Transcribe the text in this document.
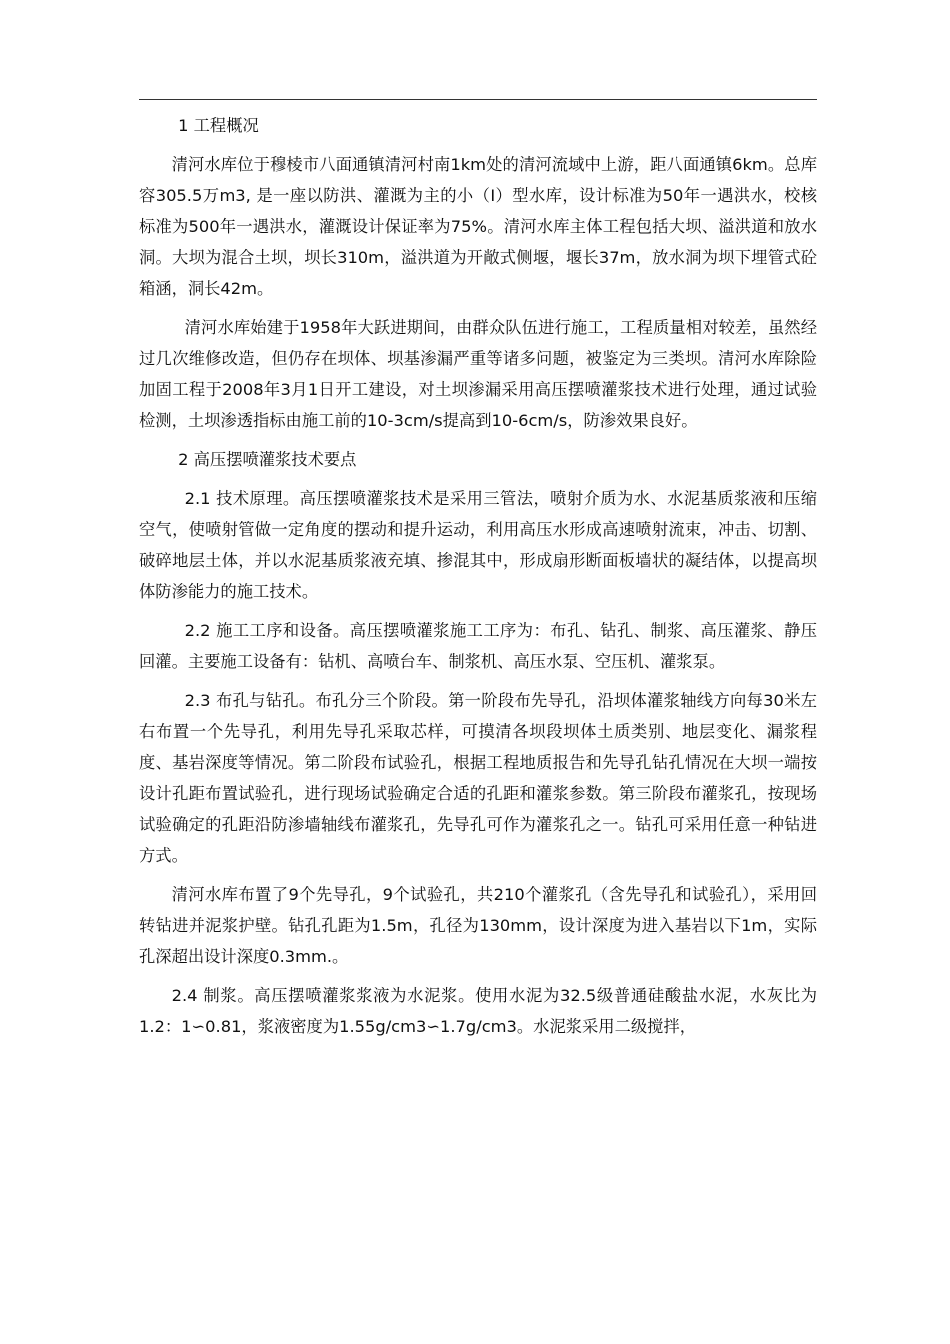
1 工程概况

清河水库位于穆棱市八面通镇清河村南1km处的清河流域中上游，距八面通镇6km。总库容305.5万m3, 是一座以防洪、灌溉为主的小（I）型水库，设计标准为50年一遇洪水，校核标准为500年一遇洪水，灌溉设计保证率为75%。清河水库主体工程包括大坝、溢洪道和放水洞。大坝为混合土坝，坝长310m，溢洪道为开敞式侧堰，堰长37m，放水洞为坝下埋管式砼箱涵，洞长42m。

清河水库始建于1958年大跃进期间，由群众队伍进行施工，工程质量相对较差，虽然经过几次维修改造，但仍存在坝体、坝基渗漏严重等诸多问题，被鉴定为三类坝。清河水库除险加固工程于2008年3月1日开工建设，对土坝渗漏采用高压摆喷灌浆技术进行处理，通过试验检测，土坝渗透指标由施工前的10-3cm/s提高到10-6cm/s，防渗效果良好。

2 高压摆喷灌浆技术要点

2.1 技术原理。高压摆喷灌浆技术是采用三管法，喷射介质为水、水泥基质浆液和压缩空气，使喷射管做一定角度的摆动和提升运动，利用高压水形成高速喷射流束，冲击、切割、破碎地层土体，并以水泥基质浆液充填、掺混其中，形成扇形断面板墙状的凝结体，以提高坝体防渗能力的施工技术。

2.2 施工工序和设备。高压摆喷灌浆施工工序为：布孔、钻孔、制浆、高压灌浆、静压回灌。主要施工设备有：钻机、高喷台车、制浆机、高压水泵、空压机、灌浆泵。

2.3 布孔与钻孔。布孔分三个阶段。第一阶段布先导孔，沿坝体灌浆轴线方向每30米左右布置一个先导孔，利用先导孔采取芯样，可摸清各坝段坝体土质类别、地层变化、漏浆程度、基岩深度等情况。第二阶段布试验孔，根据工程地质报告和先导孔钻孔情况在大坝一端按设计孔距布置试验孔，进行现场试验确定合适的孔距和灌浆参数。第三阶段布灌浆孔，按现场试验确定的孔距沿防渗墙轴线布灌浆孔，先导孔可作为灌浆孔之一。钻孔可采用任意一种钻进方式。

清河水库布置了9个先导孔，9个试验孔，共210个灌浆孔（含先导孔和试验孔），采用回转钻进并泥浆护壁。钻孔孔距为1.5m，孔径为130mm，设计深度为进入基岩以下1m，实际孔深超出设计深度0.3mm.。

2.4 制浆。高压摆喷灌浆浆液为水泥浆。使用水泥为32.5级普通硅酸盐水泥，水灰比为1.2：1∽0.81，浆液密度为1.55g/cm3∽1.7g/cm3。水泥浆采用二级搅拌，
